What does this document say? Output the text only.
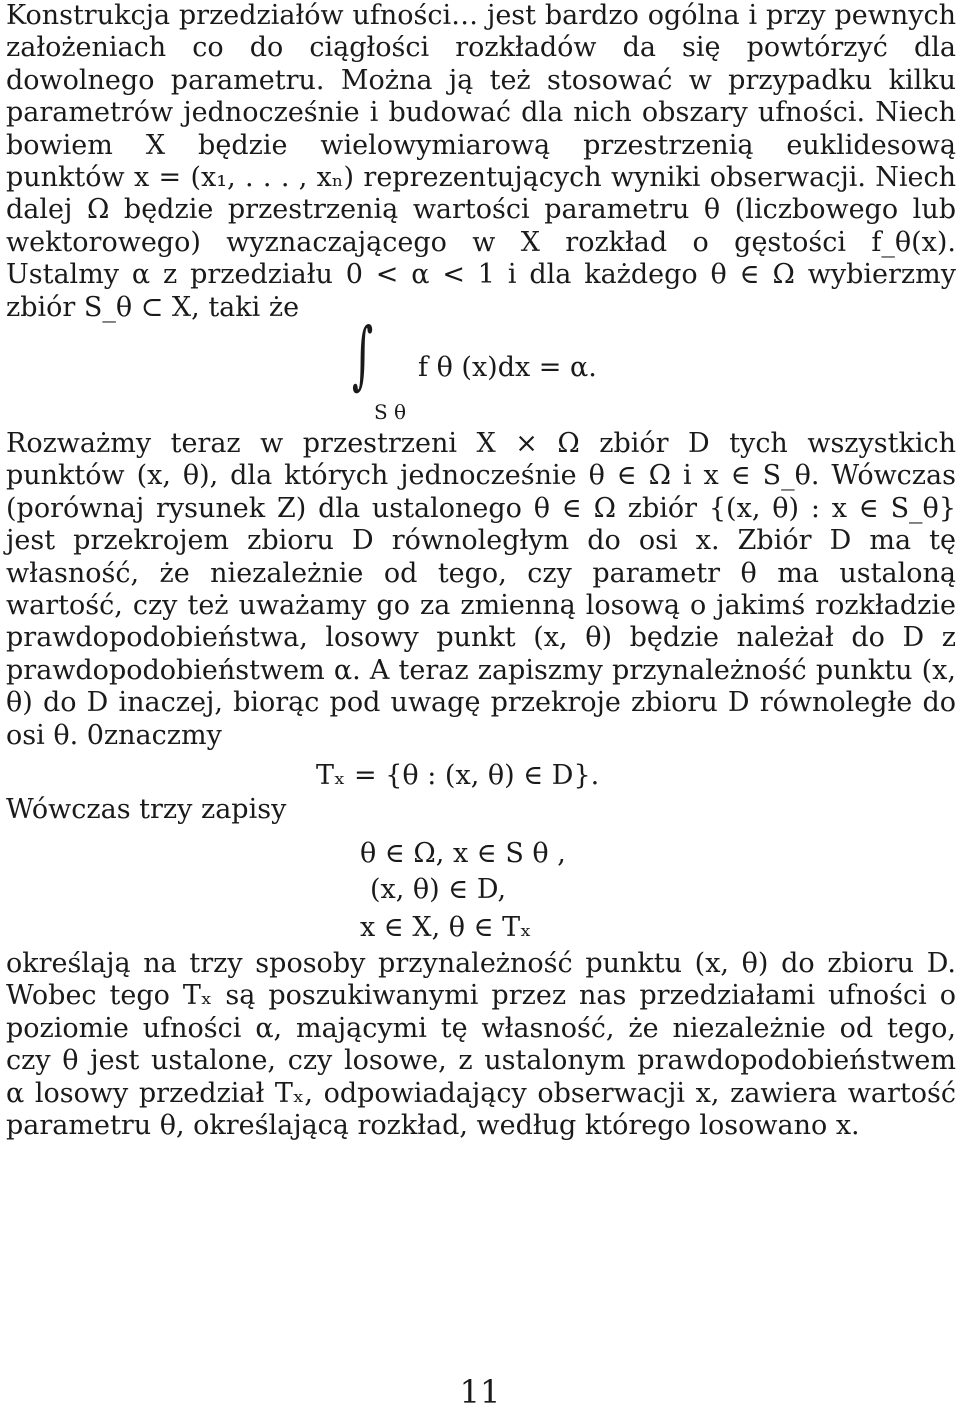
Konstrukcja przedziałów ufności… jest bardzo ogólna i przy pewnych założeniach co do ciągłości rozkładów da się powtórzyć dla dowolnego parametru. Można ją też stosować w przypadku kilku parametrów jednocześnie i budować dla nich obszary ufności. Niech bowiem X będzie wielowymiarową przestrzenią euklidesową punktów x = (x₁, . . . , xₙ) reprezentujących wyniki obserwacji. Niech dalej Ω będzie przestrzenią wartości parametru θ (liczbowego lub wektorowego) wyznaczającego w X rozkład o gęstości f_θ(x). Ustalmy α z przedziału 0 < α < 1 i dla każdego θ ∈ Ω wybierzmy zbiór S_θ ⊂ X, taki że

∫
S θ
f θ (x)dx = α.

Rozważmy teraz w przestrzeni X × Ω zbiór D tych wszystkich punktów (x, θ), dla których jednocześnie θ ∈ Ω i x ∈ S_θ. Wówczas (porównaj rysunek Z) dla ustalonego θ ∈ Ω zbiór {(x, θ) : x ∈ S_θ} jest przekrojem zbioru D równoległym do osi x. Zbiór D ma tę własność, że niezależnie od tego, czy parametr θ ma ustaloną wartość, czy też uważamy go za zmienną losową o jakimś rozkładzie prawdopodobieństwa, losowy punkt (x, θ) będzie należał do D z prawdopodobieństwem α. A teraz zapiszmy przynależność punktu (x, θ) do D inaczej, biorąc pod uwagę przekroje zbioru D równoległe do osi θ. 0znaczmy

Tₓ = {θ : (x, θ) ∈ D}.

Wówczas trzy zapisy

θ ∈ Ω, x ∈ S θ ,
(x, θ) ∈ D,
x ∈ X, θ ∈ Tₓ

określają na trzy sposoby przynależność punktu (x, θ) do zbioru D. Wobec tego Tₓ są poszukiwanymi przez nas przedziałami ufności o poziomie ufności α, mającymi tę własność, że niezależnie od tego, czy θ jest ustalone, czy losowe, z ustalonym prawdopodobieństwem α losowy przedział Tₓ, odpowiadający obserwacji x, zawiera wartość parametru θ, określającą rozkład, według którego losowano x.

11
